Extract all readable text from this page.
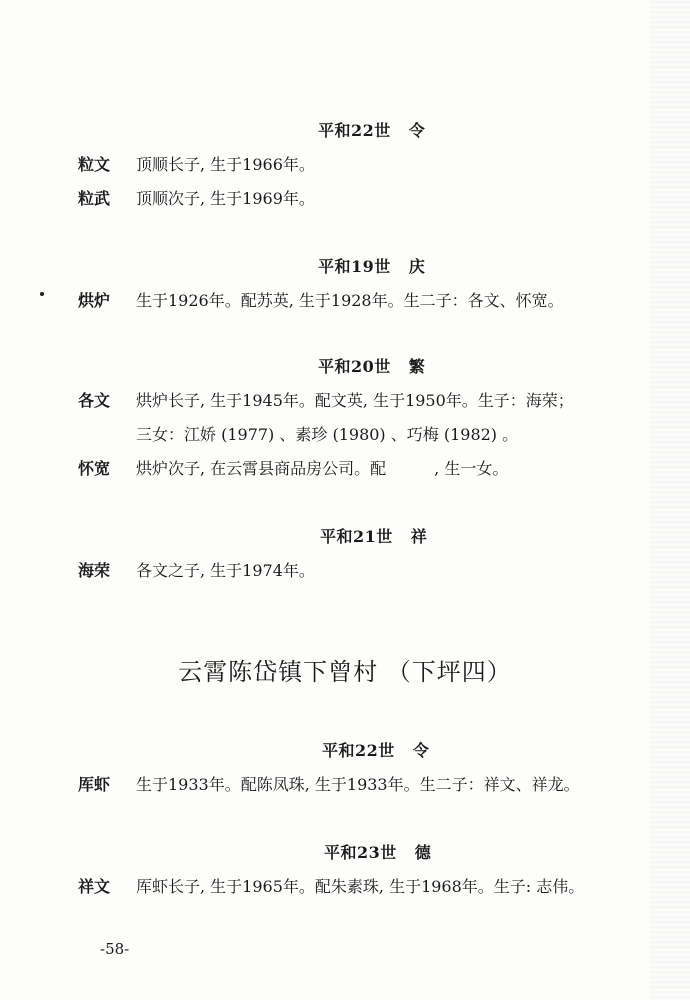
平和22世 令
粒文 顶顺长子, 生于1966年。
粒武 顶顺次子, 生于1969年。
平和19世 庆
烘炉 生于1926年。配苏英, 生于1928年。生二子：各文、怀宽。
平和20世 繁
各文 烘炉长子, 生于1945年。配文英, 生于1950年。生子：海荣；
三女：江娇 (1977) 、素珍 (1980) 、巧梅 (1982) 。
怀宽 烘炉次子, 在云霄县商品房公司。配　　　, 生一女。
平和21世 祥
海荣 各文之子, 生于1974年。
云霄陈岱镇下曾村 （下坪四）
平和22世 令
厍虾 生于1933年。配陈凤珠, 生于1933年。生二子：祥文、祥龙。
平和23世 德
祥文 厍虾长子, 生于1965年。配朱素珠, 生于1968年。生子: 志伟。
-58-
